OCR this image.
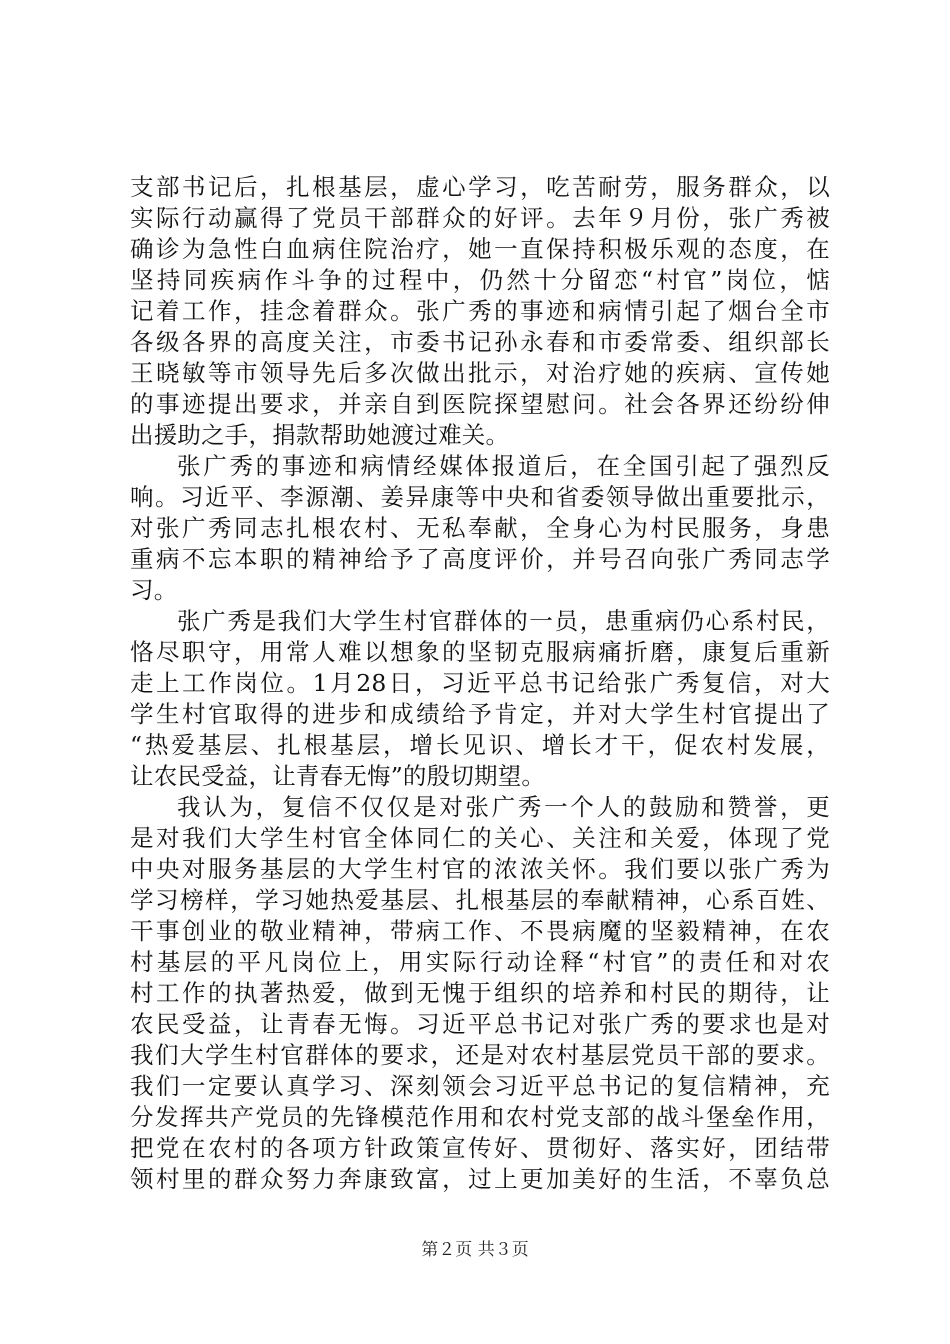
支部书记后，扎根基层，虚心学习，吃苦耐劳，服务群众，以
实际行动赢得了党员干部群众的好评。去年９月份，张广秀被
确诊为急性白血病住院治疗，她一直保持积极乐观的态度，在
坚持同疾病作斗争的过程中，仍然十分留恋“村官”岗位，惦
记着工作，挂念着群众。张广秀的事迹和病情引起了烟台全市
各级各界的高度关注，市委书记孙永春和市委常委、组织部长
王晓敏等市领导先后多次做出批示，对治疗她的疾病、宣传她
的事迹提出要求，并亲自到医院探望慰问。社会各界还纷纷伸
出援助之手，捐款帮助她渡过难关。
张广秀的事迹和病情经媒体报道后，在全国引起了强烈反
响。习近平、李源潮、姜异康等中央和省委领导做出重要批示，
对张广秀同志扎根农村、无私奉献，全身心为村民服务，身患
重病不忘本职的精神给予了高度评价，并号召向张广秀同志学
习。
张广秀是我们大学生村官群体的一员，患重病仍心系村民，
恪尽职守，用常人难以想象的坚韧克服病痛折磨，康复后重新
走上工作岗位。1月28日，习近平总书记给张广秀复信，对大
学生村官取得的进步和成绩给予肯定，并对大学生村官提出了
“热爱基层、扎根基层，增长见识、增长才干，促农村发展，
让农民受益，让青春无悔”的殷切期望。
我认为，复信不仅仅是对张广秀一个人的鼓励和赞誉，更
是对我们大学生村官全体同仁的关心、关注和关爱，体现了党
中央对服务基层的大学生村官的浓浓关怀。我们要以张广秀为
学习榜样，学习她热爱基层、扎根基层的奉献精神，心系百姓、
干事创业的敬业精神，带病工作、不畏病魔的坚毅精神，在农
村基层的平凡岗位上，用实际行动诠释“村官”的责任和对农
村工作的执著热爱，做到无愧于组织的培养和村民的期待，让
农民受益，让青春无悔。习近平总书记对张广秀的要求也是对
我们大学生村官群体的要求，还是对农村基层党员干部的要求。
我们一定要认真学习、深刻领会习近平总书记的复信精神，充
分发挥共产党员的先锋模范作用和农村党支部的战斗堡垒作用，
把党在农村的各项方针政策宣传好、贯彻好、落实好，团结带
领村里的群众努力奔康致富，过上更加美好的生活，不辜负总
第２页 共３页
